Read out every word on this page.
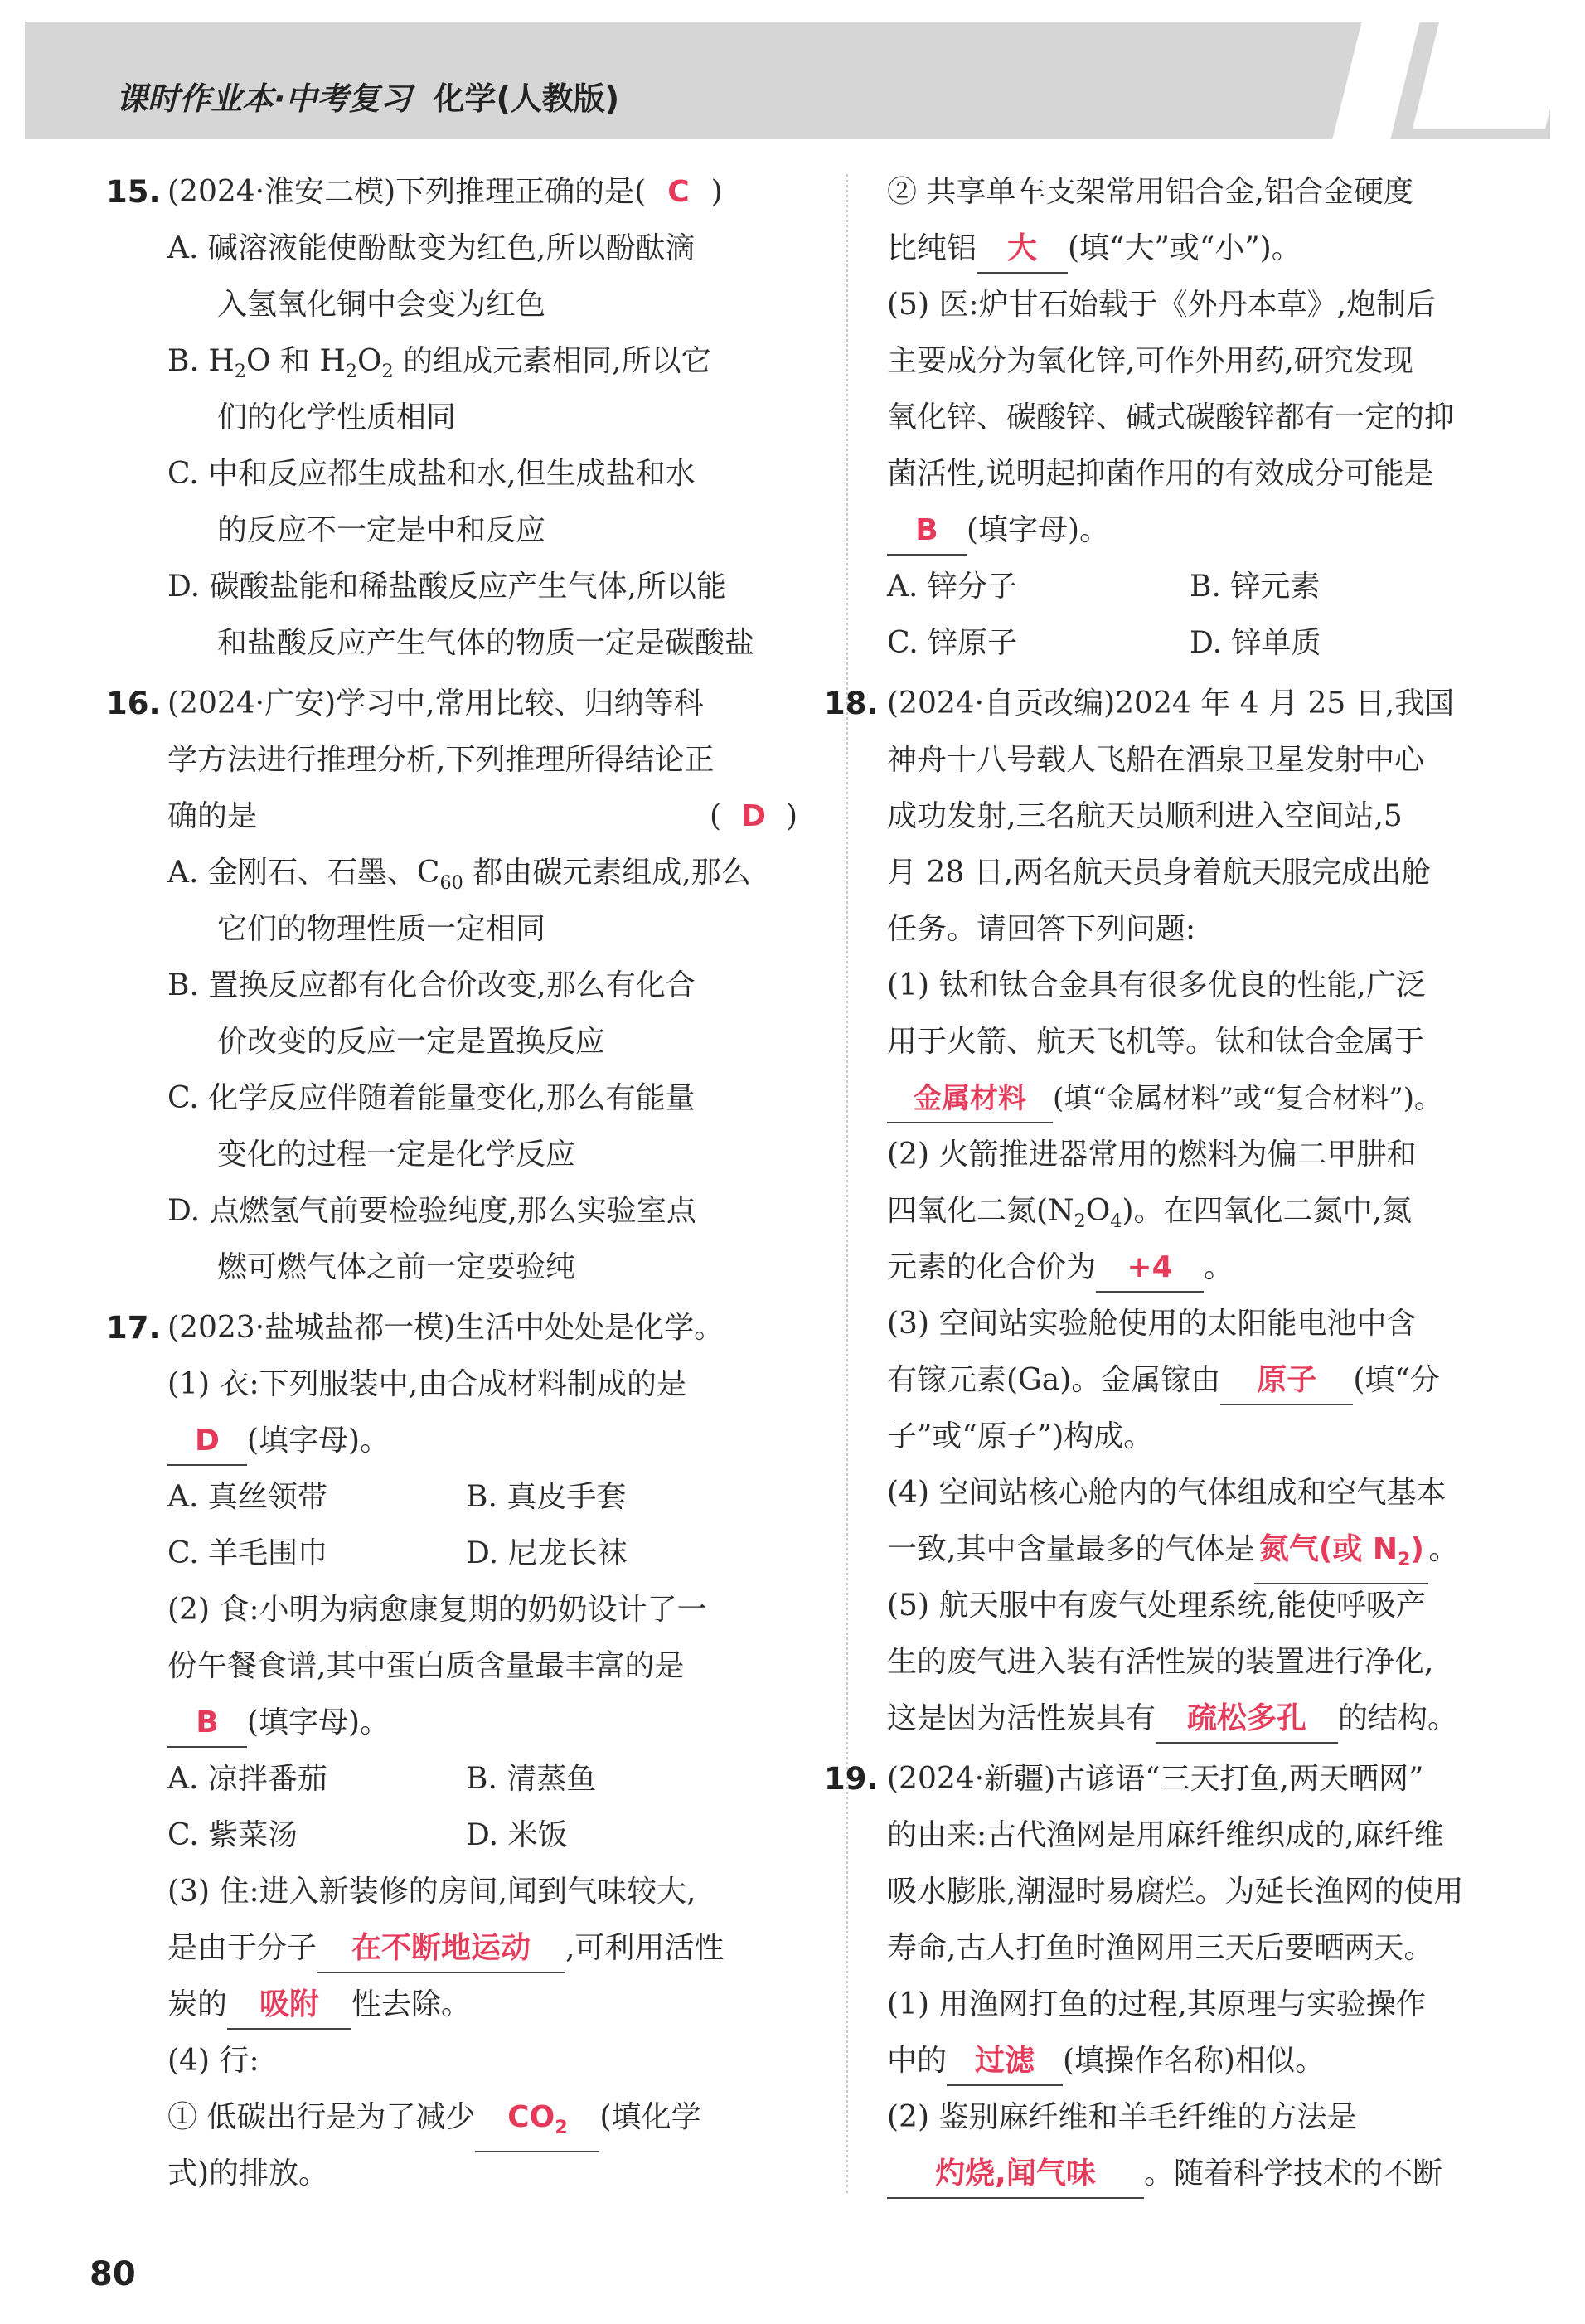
课时作业本·中考复习 化学(人教版)
15. (2024·淮安二模)下列推理正确的是( C )
A. 碱溶液能使酚酞变为红色,所以酚酞滴
入氢氧化铜中会变为红色
B. $H_2O$ 和 $H_2O_2$ 的组成元素相同,所以它
们的化学性质相同
C. 中和反应都生成盐和水,但生成盐和水
的反应不一定是中和反应
D. 碳酸盐能和稀盐酸反应产生气体,所以能
和盐酸反应产生气体的物质一定是碳酸盐
16. (2024·广安)学习中,常用比较、归纳等科
学方法进行推理分析,下列推理所得结论正
确的是	( D )
A. 金刚石、石墨、$C_{60}$ 都由碳元素组成,那么
它们的物理性质一定相同
B. 置换反应都有化合价改变,那么有化合
价改变的反应一定是置换反应
C. 化学反应伴随着能量变化,那么有能量
变化的过程一定是化学反应
D. 点燃氢气前要检验纯度,那么实验室点
燃可燃气体之前一定要验纯
17. (2023·盐城盐都一模)生活中处处是化学。
(1) 衣:下列服装中,由合成材料制成的是
D (填字母)。
A. 真丝领带	B. 真皮手套
C. 羊毛围巾	D. 尼龙长袜
(2) 食:小明为病愈康复期的奶奶设计了一
份午餐食谱,其中蛋白质含量最丰富的是
B (填字母)。
A. 凉拌番茄	B. 清蒸鱼
C. 紫菜汤	D. 米饭
(3) 住:进入新装修的房间,闻到气味较大,
是由于分子 在不断地运动 ,可利用活性
炭的 吸附 性去除。
(4) 行:
① 低碳出行是为了减少 $CO_2$ (填化学
式)的排放。
② 共享单车支架常用铝合金,铝合金硬度
比纯铝 大 (填“大”或“小”)。
(5) 医:炉甘石始载于《外丹本草》,炮制后
主要成分为氧化锌,可作外用药,研究发现
氧化锌、碳酸锌、碱式碳酸锌都有一定的抑
菌活性,说明起抑菌作用的有效成分可能是
B (填字母)。
A. 锌分子	B. 锌元素
C. 锌原子	D. 锌单质
18. (2024·自贡改编)2024 年 4 月 25 日,我国
神舟十八号载人飞船在酒泉卫星发射中心
成功发射,三名航天员顺利进入空间站,5
月 28 日,两名航天员身着航天服完成出舱
任务。请回答下列问题:
(1) 钛和钛合金具有很多优良的性能,广泛
用于火箭、航天飞机等。钛和钛合金属于
金属材料 (填“金属材料”或“复合材料”)。
(2) 火箭推进器常用的燃料为偏二甲肼和
四氧化二氮$(N_2O_4)$。在四氧化二氮中,氮
元素的化合价为 +4 。
(3) 空间站实验舱使用的太阳能电池中含
有镓元素(Ga)。金属镓由 原子 (填“分
子”或“原子”)构成。
(4) 空间站核心舱内的气体组成和空气基本
一致,其中含量最多的气体是 氮气(或 $N_2$) 。
(5) 航天服中有废气处理系统,能使呼吸产
生的废气进入装有活性炭的装置进行净化,
这是因为活性炭具有 疏松多孔 的结构。
19. (2024·新疆)古谚语“三天打鱼,两天晒网”
的由来:古代渔网是用麻纤维织成的,麻纤维
吸水膨胀,潮湿时易腐烂。为延长渔网的使用
寿命,古人打鱼时渔网用三天后要晒两天。
(1) 用渔网打鱼的过程,其原理与实验操作
中的 过滤 (填操作名称)相似。
(2) 鉴别麻纤维和羊毛纤维的方法是
灼烧,闻气味 。随着科学技术的不断
80
